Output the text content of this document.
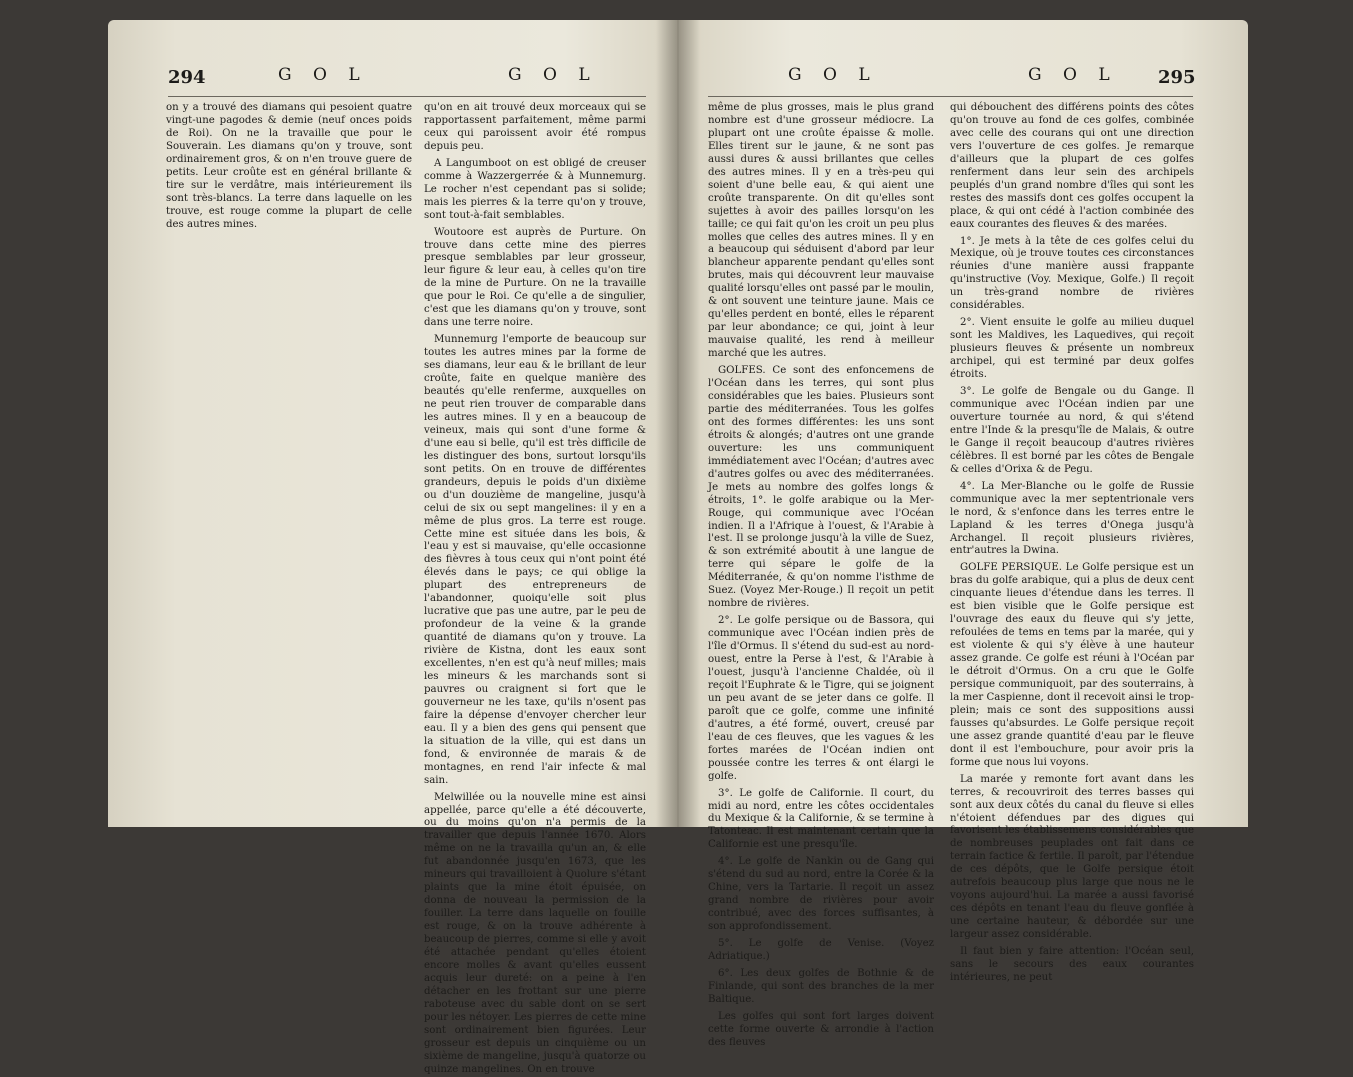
294	G O L	G O L

on y a trouvé des diamans qui pesoient quatre vingt-une pagodes & demie (neuf onces poids de Roi). On ne la travaille que pour le Souverain. Les diamans qu'on y trouve, sont ordinairement gros, & on n'en trouve guere de petits. Leur croûte est en général brillante & tire sur le verdâtre, mais intérieurement ils sont très-blancs. La terre dans laquelle on les trouve, est rouge comme la plupart de celle des autres mines.

qu'on en ait trouvé deux morceaux qui se rapportassent parfaitement, même parmi ceux qui paroissent avoir été rompus depuis peu.

A Langumboot on est obligé de creuser comme à Wazzergerrée & à Munnemurg. Le rocher n'est cependant pas si solide; mais les pierres & la terre qu'on y trouve, sont tout-à-fait semblables.

Woutoore est auprès de Purture. On trouve dans cette mine des pierres presque semblables par leur grosseur, leur figure & leur eau, à celles qu'on tire de la mine de Purture. On ne la travaille que pour le Roi. Ce qu'elle a de singulier, c'est que les diamans qu'on y trouve, sont dans une terre noire.

Munnemurg l'emporte de beaucoup sur toutes les autres mines par la forme de ses diamans, leur eau & le brillant de leur croûte, faite en quelque manière des beautés qu'elle renferme, auxquelles on ne peut rien trouver de comparable dans les autres mines. Il y en a beaucoup de veineux, mais qui sont d'une forme & d'une eau si belle, qu'il est très difficile de les distinguer des bons, surtout lorsqu'ils sont petits. On en trouve de différentes grandeurs, depuis le poids d'un dixième ou d'un douzième de mangeline, jusqu'à celui de six ou sept mangelines: il y en a même de plus gros. La terre est rouge. Cette mine est située dans les bois, & l'eau y est si mauvaise, qu'elle occasionne des fièvres à tous ceux qui n'ont point été élevés dans le pays; ce qui oblige la plupart des entrepreneurs de l'abandonner, quoiqu'elle soit plus lucrative que pas une autre, par le peu de profondeur de la veine & la grande quantité de diamans qu'on y trouve. La rivière de Kistna, dont les eaux sont excellentes, n'en est qu'à neuf milles; mais les mineurs & les marchands sont si pauvres ou craignent si fort que le gouverneur ne les taxe, qu'ils n'osent pas faire la dépense d'envoyer chercher leur eau. Il y a bien des gens qui pensent que la situation de la ville, qui est dans un fond, & environnée de marais & de montagnes, en rend l'air infecte & mal sain.

Melwillée ou la nouvelle mine est ainsi appellée, parce qu'elle a été découverte, ou du moins qu'on n'a permis de la travailler que depuis l'année 1670. Alors même on ne la travailla qu'un an, & elle fut abandonnée jusqu'en 1673, que les mineurs qui travailloient à Quolure s'étant plaints que la mine étoit épuisée, on donna de nouveau la permission de la fouiller. La terre dans laquelle on fouille est rouge, & on la trouve adhérente à beaucoup de pierres, comme si elle y avoit été attachée pendant qu'elles étoient encore molles & avant qu'elles eussent acquis leur dureté: on a peine à l'en détacher en les frottant sur une pierre raboteuse avec du sable dont on se sert pour les nétoyer. Les pierres de cette mine sont ordinairement bien figurées. Leur grosseur est depuis un cinquième ou un sixième de mangeline, jusqu'à quatorze ou quinze mangelines. On en trouve

G O L	G O L 295

même de plus grosses, mais le plus grand nombre est d'une grosseur médiocre. La plupart ont une croûte épaisse & molle. Elles tirent sur le jaune, & ne sont pas aussi dures & aussi brillantes que celles des autres mines. Il y en a très-peu qui soient d'une belle eau, & qui aient une croûte transparente. On dit qu'elles sont sujettes à avoir des pailles lorsqu'on les taille; ce qui fait qu'on les croit un peu plus molles que celles des autres mines. Il y en a beaucoup qui séduisent d'abord par leur blancheur apparente pendant qu'elles sont brutes, mais qui découvrent leur mauvaise qualité lorsqu'elles ont passé par le moulin, & ont souvent une teinture jaune. Mais ce qu'elles perdent en bonté, elles le réparent par leur abondance; ce qui, joint à leur mauvaise qualité, les rend à meilleur marché que les autres.

GOLFES. Ce sont des enfoncemens de l'Océan dans les terres, qui sont plus considérables que les baies. Plusieurs sont partie des méditerranées. Tous les golfes ont des formes différentes: les uns sont étroits & alongés; d'autres ont une grande ouverture: les uns communiquent immédiatement avec l'Océan; d'autres avec d'autres golfes ou avec des méditerranées. Je mets au nombre des golfes longs & étroits, 1°. le golfe arabique ou la Mer-Rouge, qui communique avec l'Océan indien. Il a l'Afrique à l'ouest, & l'Arabie à l'est. Il se prolonge jusqu'à la ville de Suez, & son extrémité aboutit à une langue de terre qui sépare le golfe de la Méditerranée, & qu'on nomme l'isthme de Suez. (Voyez Mer-Rouge.) Il reçoit un petit nombre de rivières.

2°. Le golfe persique ou de Bassora, qui communique avec l'Océan indien près de l'île d'Ormus. Il s'étend du sud-est au nord-ouest, entre la Perse à l'est, & l'Arabie à l'ouest, jusqu'à l'ancienne Chaldée, où il reçoit l'Euphrate & le Tigre, qui se joignent un peu avant de se jeter dans ce golfe. Il paroît que ce golfe, comme une infinité d'autres, a été formé, ouvert, creusé par l'eau de ces fleuves, que les vagues & les fortes marées de l'Océan indien ont poussée contre les terres & ont élargi le golfe.

3°. Le golfe de Californie. Il court, du midi au nord, entre les côtes occidentales du Mexique & la Californie, & se termine à Tatonteac. Il est maintenant certain que la Californie est une presqu'île.

4°. Le golfe de Nankin ou de Gang qui s'étend du sud au nord, entre la Corée & la Chine, vers la Tartarie. Il reçoit un assez grand nombre de rivières pour avoir contribué, avec des forces suffisantes, à son approfondissement.

5°. Le golfe de Venise. (Voyez Adriatique.)

6°. Les deux golfes de Bothnie & de Finlande, qui sont des branches de la mer Baltique.

Les golfes qui sont fort larges doivent cette forme ouverte & arrondie à l'action des fleuves

qui débouchent des différens points des côtes qu'on trouve au fond de ces golfes, combinée avec celle des courans qui ont une direction vers l'ouverture de ces golfes. Je remarque d'ailleurs que la plupart de ces golfes renferment dans leur sein des archipels peuplés d'un grand nombre d'îles qui sont les restes des massifs dont ces golfes occupent la place, & qui ont cédé à l'action combinée des eaux courantes des fleuves & des marées.

1°. Je mets à la tête de ces golfes celui du Mexique, où je trouve toutes ces circonstances réunies d'une manière aussi frappante qu'instructive (Voy. Mexique, Golfe.) Il reçoit un très-grand nombre de rivières considérables.

2°. Vient ensuite le golfe au milieu duquel sont les Maldives, les Laquedives, qui reçoit plusieurs fleuves & présente un nombreux archipel, qui est terminé par deux golfes étroits.

3°. Le golfe de Bengale ou du Gange. Il communique avec l'Océan indien par une ouverture tournée au nord, & qui s'étend entre l'Inde & la presqu'île de Malais, & outre le Gange il reçoit beaucoup d'autres rivières célèbres. Il est borné par les côtes de Bengale & celles d'Orixa & de Pegu.

4°. La Mer-Blanche ou le golfe de Russie communique avec la mer septentrionale vers le nord, & s'enfonce dans les terres entre le Lapland & les terres d'Onega jusqu'à Archangel. Il reçoit plusieurs rivières, entr'autres la Dwina.

GOLFE PERSIQUE. Le Golfe persique est un bras du golfe arabique, qui a plus de deux cent cinquante lieues d'étendue dans les terres. Il est bien visible que le Golfe persique est l'ouvrage des eaux du fleuve qui s'y jette, refoulées de tems en tems par la marée, qui y est violente & qui s'y élève à une hauteur assez grande. Ce golfe est réuni à l'Océan par le détroit d'Ormus. On a cru que le Golfe persique communiquoit, par des souterrains, à la mer Caspienne, dont il recevoit ainsi le trop-plein; mais ce sont des suppositions aussi fausses qu'absurdes. Le Golfe persique reçoit une assez grande quantité d'eau par le fleuve dont il est l'embouchure, pour avoir pris la forme que nous lui voyons.

La marée y remonte fort avant dans les terres, & recouvriroit des terres basses qui sont aux deux côtés du canal du fleuve si elles n'étoient défendues par des digues qui favorisent les établissemens considérables que de nombreuses peuplades ont fait dans ce terrain factice & fertile. Il paroît, par l'étendue de ces dépôts, que le Golfe persique étoit autrefois beaucoup plus large que nous ne le voyons aujourd'hui. La marée a aussi favorisé ces dépôts en tenant l'eau du fleuve gonflée à une certaine hauteur, & débordée sur une largeur assez considérable.

Il faut bien y faire attention: l'Océan seul, sans le secours des eaux courantes intérieures, ne peut
